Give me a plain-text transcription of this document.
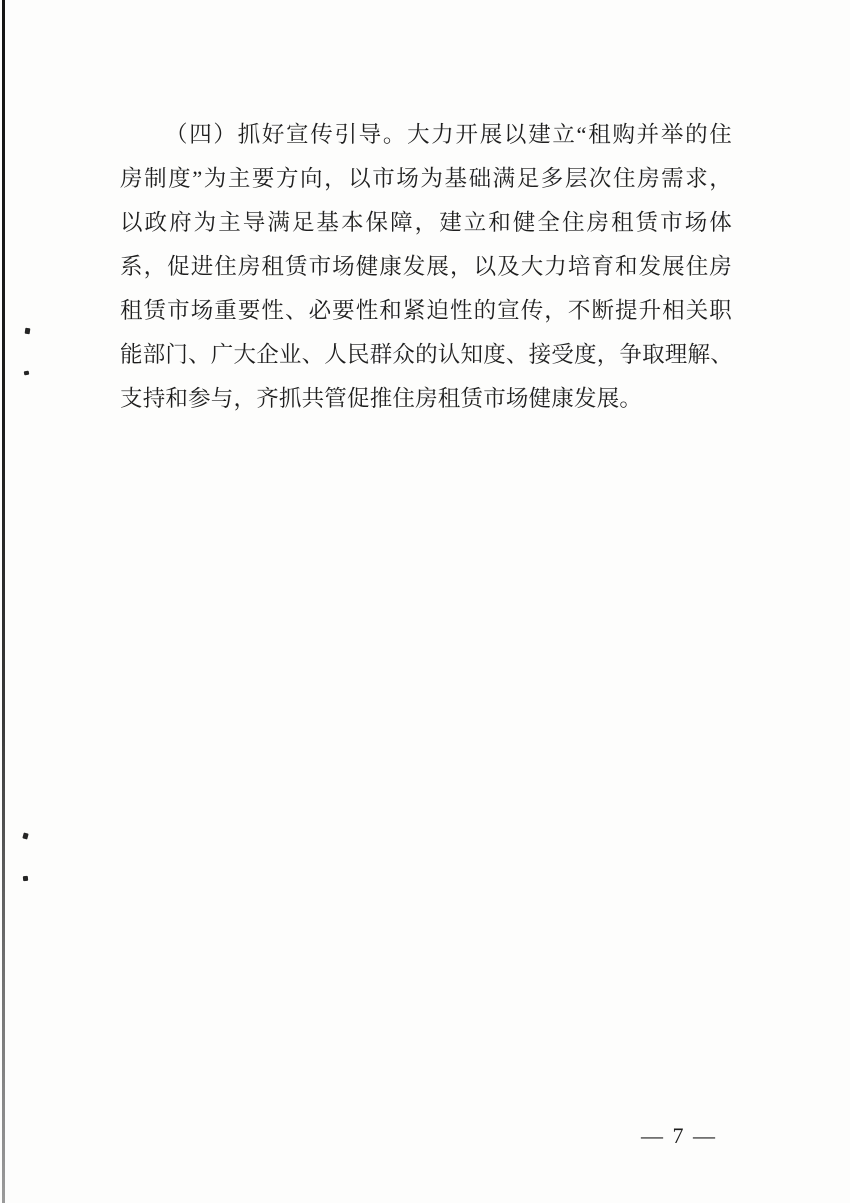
（四）抓好宣传引导。大力开展以建立“租购并举的住
房制度”为主要方向，以市场为基础满足多层次住房需求，
以政府为主导满足基本保障，建立和健全住房租赁市场体
系，促进住房租赁市场健康发展，以及大力培育和发展住房
租赁市场重要性、必要性和紧迫性的宣传，不断提升相关职
能部门、广大企业、人民群众的认知度、接受度，争取理解、
支持和参与，齐抓共管促推住房租赁市场健康发展。
— 7 —
